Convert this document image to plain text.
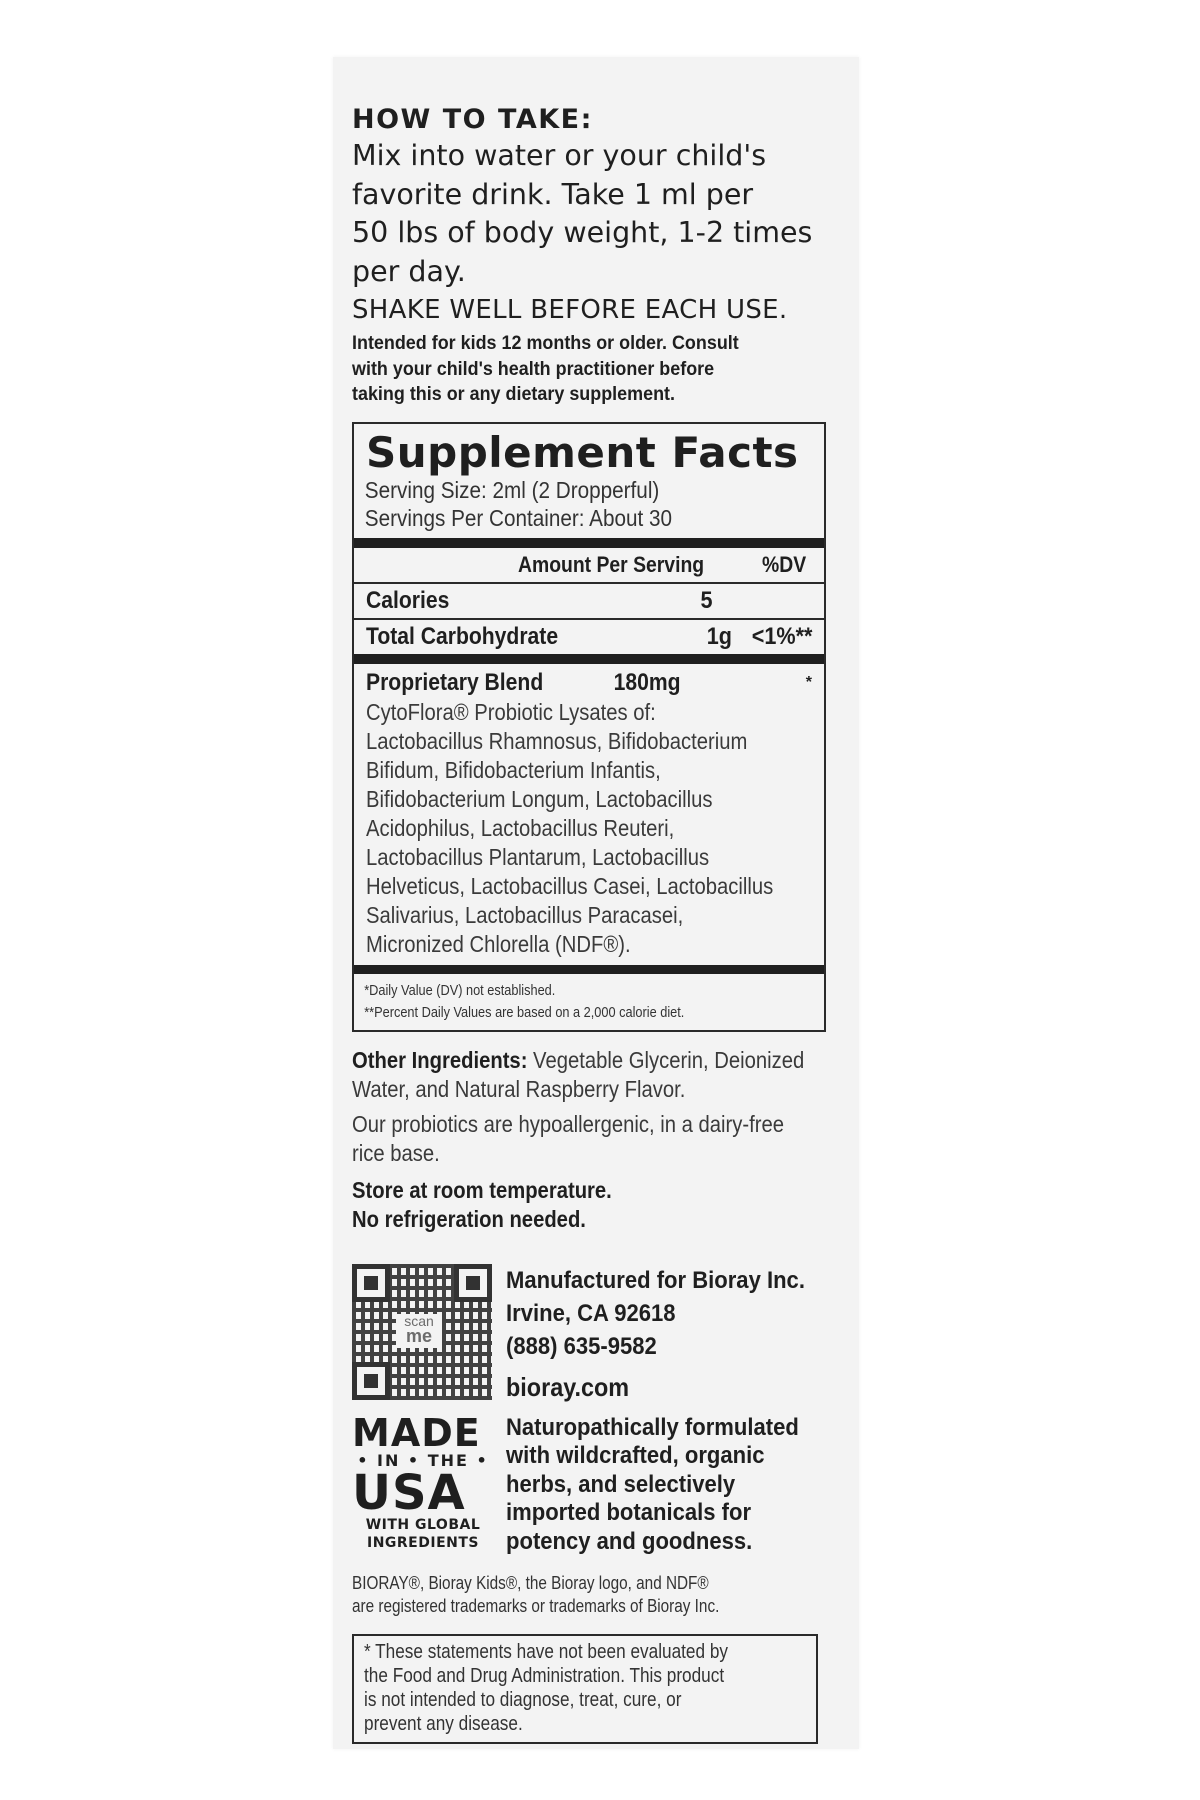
HOW TO TAKE:

Mix into water or your child's

favorite drink. Take 1 ml per

50 lbs of body weight, 1-2 times

per day.

SHAKE WELL BEFORE EACH USE.

Intended for kids 12 months or older. Consult

with your child's health practitioner before

taking this or any dietary supplement.

Supplement Facts
Serving Size: 2ml (2 Dropperful)
Servings Per Container: About 30
Amount Per Serving	%DV
Calories	5
Total Carbohydrate	1g <1%**
Proprietary Blend	180mg	*
CytoFlora® Probiotic Lysates of:
Lactobacillus Rhamnosus, Bifidobacterium
Bifidum, Bifidobacterium Infantis,
Bifidobacterium Longum, Lactobacillus
Acidophilus, Lactobacillus Reuteri,
Lactobacillus Plantarum, Lactobacillus
Helveticus, Lactobacillus Casei, Lactobacillus
Salivarius, Lactobacillus Paracasei,
Micronized Chlorella (NDF®).
*Daily Value (DV) not established.
**Percent Daily Values are based on a 2,000 calorie diet.
Other Ingredients: Vegetable Glycerin, Deionized
Water, and Natural Raspberry Flavor.
Our probiotics are hypoallergenic, in a dairy-free
rice base.
Store at room temperature.
No refrigeration needed.
scan
me
Manufactured for Bioray Inc.
Irvine, CA 92618
(888) 635-9582
bioray.com
MADE
• IN • THE •
USA
WITH GLOBAL
INGREDIENTS
Naturopathically formulated
with wildcrafted, organic
herbs, and selectively
imported botanicals for
potency and goodness.
BIORAY®, Bioray Kids®, the Bioray logo, and NDF®
are registered trademarks or trademarks of Bioray Inc.
* These statements have not been evaluated by
the Food and Drug Administration. This product
is not intended to diagnose, treat, cure, or
prevent any disease.
